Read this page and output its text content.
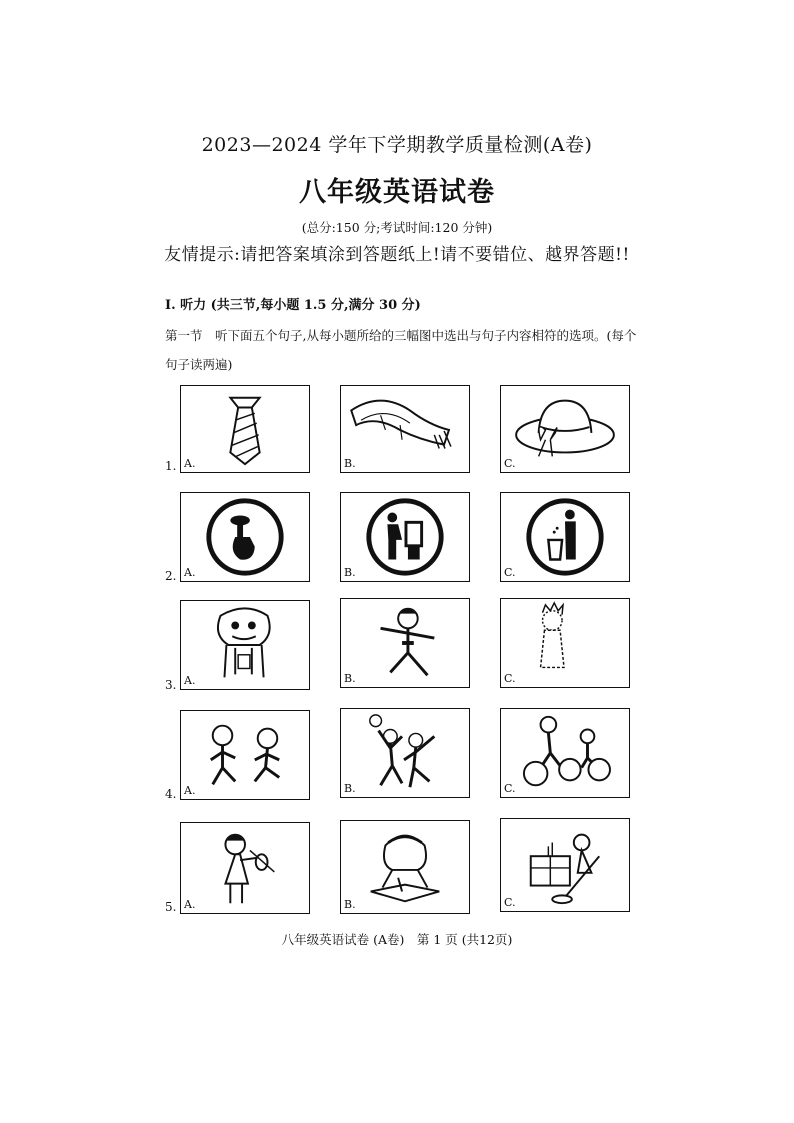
2023—2024 学年下学期教学质量检测(A卷)
八年级英语试卷
(总分:150 分;考试时间:120 分钟)
友情提示:请把答案填涂到答题纸上!请不要错位、越界答题!!
Ⅰ. 听力 (共三节,每小题 1.5 分,满分 30 分)
第一节　听下面五个句子,从每小题所给的三幅图中选出与句子内容相符的选项。(每个句子读两遍)
1. A.	B.	C.
2. A.	B.	C.
3. A.	B.	C.
4. A.	B.	C.
5. A.	B.	C.
八年级英语试卷 (A卷)　第 1 页 (共12页)
